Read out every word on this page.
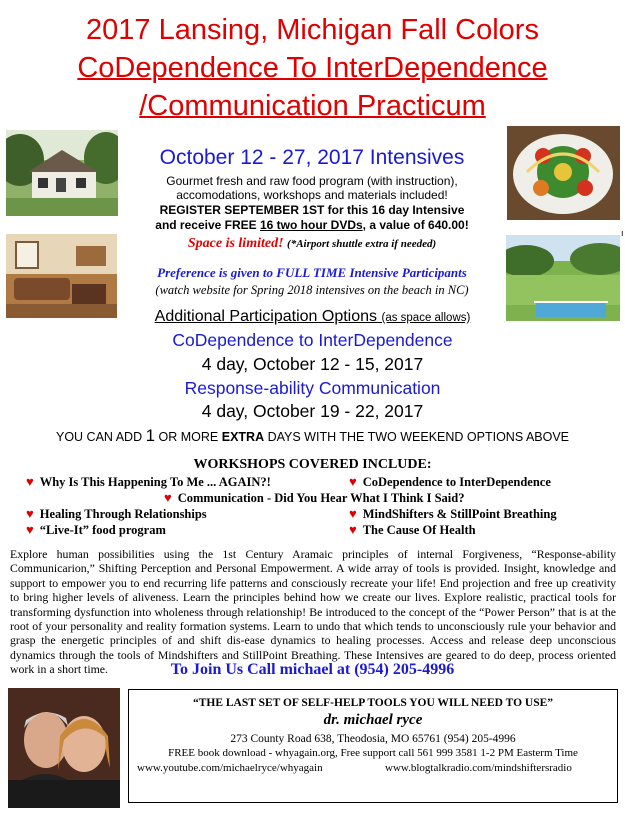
2017 Lansing, Michigan Fall Colors
CoDependence To InterDependence
/Communication Practicum
ı
October 12 - 27, 2017 Intensives
Gourmet fresh and raw food program (with instruction),
accomodations, workshops and materials included!
REGISTER SEPTEMBER 1ST for this 16 day Intensive
and receive FREE 16 two hour DVDs, a value of 640.00!
Space is limited! (*Airport shuttle extra if needed)
Preference is given to FULL TIME Intensive Participants
(watch website for Spring 2018 intensives on the beach in NC)
Additional Participation Options (as space allows)
CoDependence to InterDependence
4 day, October 12 - 15, 2017
Response-ability Communication
4 day, October 19 - 22, 2017
YOU CAN ADD 1 OR MORE EXTRA DAYS WITH THE TWO WEEKEND OPTIONS ABOVE
WORKSHOPS COVERED INCLUDE:
♥ Why Is This Happening To Me ... AGAIN?!	♥ CoDependence to InterDependence
♥ Communication - Did You Hear What I Think I Said?
♥ Healing Through Relationships	♥ MindShifters & StillPoint Breathing
♥ “Live-It” food program	♥ The Cause Of Health
Explore human possibilities using the 1st Century Aramaic principles of internal Forgiveness, “Response-ability Communicarion,” Shifting Perception and Personal Empowerment. A wide array of tools is provided. Insight, knowledge and support to empower you to end recurring life patterns and consciously recreate your life! End projection and free up creativity to bring higher levels of aliveness. Learn the principles behind how we create our lives. Explore realistic, practical tools for transforming dysfunction into wholeness through relationship! Be introduced to the concept of the “Power Person” that is at the root of your personality and reality formation systems. Learn to undo that which tends to unconsciously rule your behavior and grasp the energetic principles of and shift dis-ease dynamics to healing processes. Access and release deep unconscious dynamics through the tools of Mindshifters and StillPoint Breathing. These Intensives are geared to do deep, process oriented work in a short time.	To Join Us Call michael at (954) 205-4996
“THE LAST SET OF SELF-HELP TOOLS YOU WILL NEED TO USE”
dr. michael ryce
273 County Road 638, Theodosia, MO 65761 (954) 205-4996
FREE book download - whyagain.org, Free support call 561 999 3581 1-2 PM Easterm Time
www.youtube.com/michaelryce/whyagain	www.blogtalkradio.com/mindshiftersradio
